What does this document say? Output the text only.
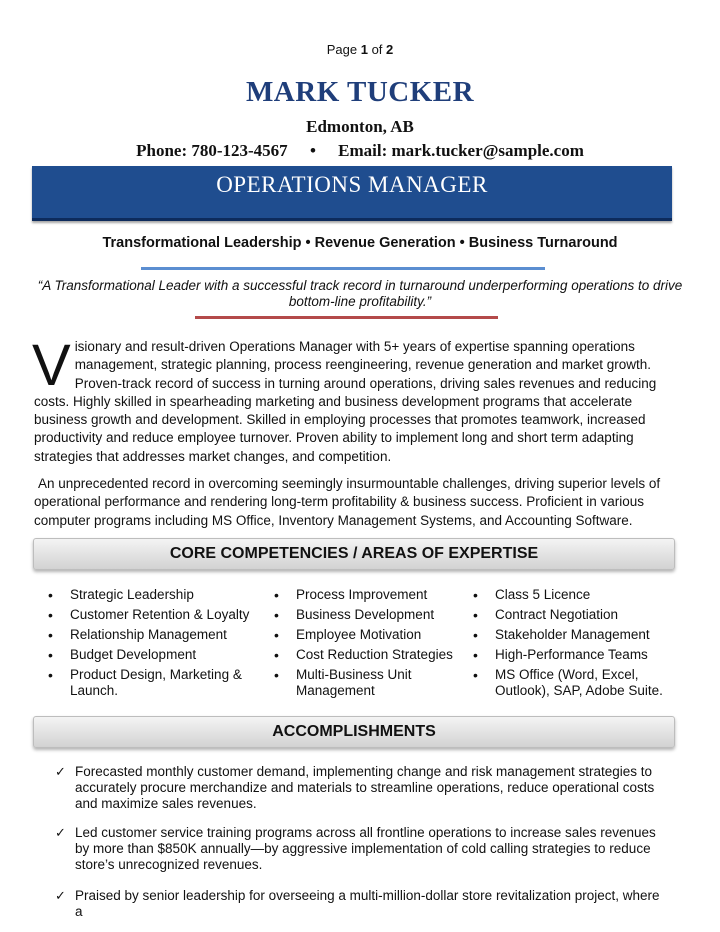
Page 1 of 2
MARK TUCKER
Edmonton, AB
Phone: 780-123-4567 • Email: mark.tucker@sample.com
OPERATIONS MANAGER
Transformational Leadership • Revenue Generation • Business Turnaround
“A Transformational Leader with a successful track record in turnaround underperforming operations to drive bottom-line profitability.”
V isionary and result-driven Operations Manager with 5+ years of expertise spanning operations management, strategic planning, process reengineering, revenue generation and market growth. Proven-track record of success in turning around operations, driving sales revenues and reducing costs. Highly skilled in spearheading marketing and business development programs that accelerate business growth and development. Skilled in employing processes that promotes teamwork, increased productivity and reduce employee turnover. Proven ability to implement long and short term adapting strategies that addresses market changes, and competition.
An unprecedented record in overcoming seemingly insurmountable challenges, driving superior levels of operational performance and rendering long-term profitability & business success. Proficient in various computer programs including MS Office, Inventory Management Systems, and Accounting Software.
CORE COMPETENCIES / AREAS OF EXPERTISE
• Strategic Leadership
• Customer Retention & Loyalty
• Relationship Management
• Budget Development
• Product Design, Marketing & Launch.
• Process Improvement
• Business Development
• Employee Motivation
• Cost Reduction Strategies
• Multi-Business Unit Management
• Class 5 Licence
• Contract Negotiation
• Stakeholder Management
• High-Performance Teams
• MS Office (Word, Excel, Outlook), SAP, Adobe Suite.
ACCOMPLISHMENTS
✓ Forecasted monthly customer demand, implementing change and risk management strategies to accurately procure merchandize and materials to streamline operations, reduce operational costs and maximize sales revenues.
✓ Led customer service training programs across all frontline operations to increase sales revenues by more than $850K annually—by aggressive implementation of cold calling strategies to reduce store’s unrecognized revenues.
✓ Praised by senior leadership for overseeing a multi-million-dollar store revitalization project, where a
